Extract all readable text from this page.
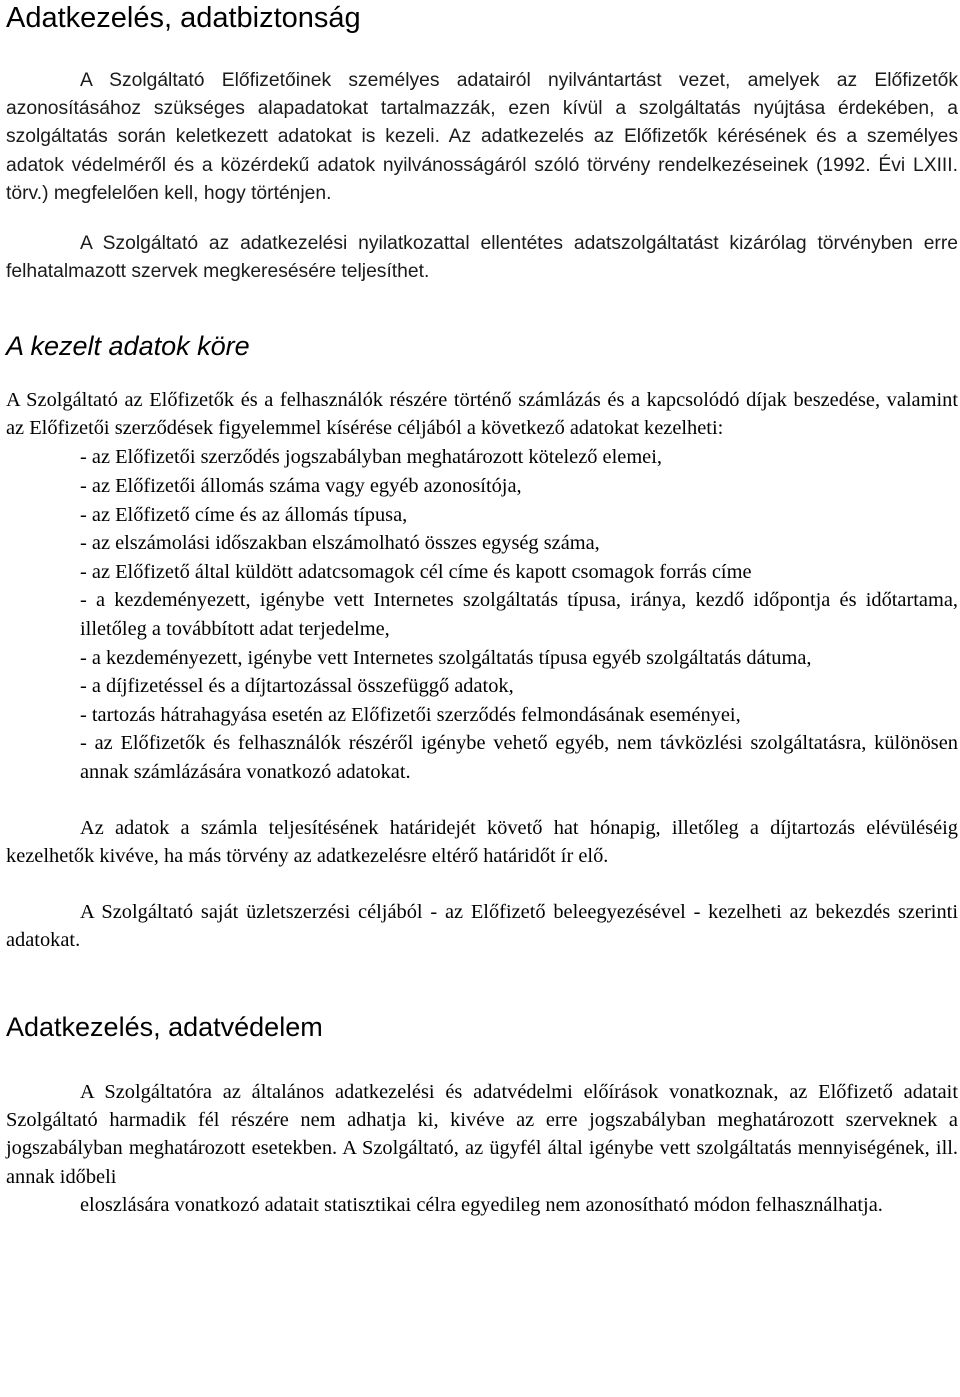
Adatkezelés, adatbiztonság

A Szolgáltató Előfizetőinek személyes adatairól nyilvántartást vezet, amelyek az Előfizetők azonosításához szükséges alapadatokat tartalmazzák, ezen kívül a szolgáltatás nyújtása érdekében, a szolgáltatás során keletkezett adatokat is kezeli. Az adatkezelés az Előfizetők kérésének és a személyes adatok védelméről és a közérdekű adatok nyilvánosságáról szóló törvény rendelkezéseinek (1992. Évi LXIII. törv.) megfelelően kell, hogy történjen.

A Szolgáltató az adatkezelési nyilatkozattal ellentétes adatszolgáltatást kizárólag törvényben erre felhatalmazott szervek megkeresésére teljesíthet.

A kezelt adatok köre

A Szolgáltató az Előfizetők és a felhasználók részére történő számlázás és a kapcsolódó díjak beszedése, valamint az Előfizetői szerződések figyelemmel kísérése céljából a következő adatokat kezelheti:

- az Előfizetői szerződés jogszabályban meghatározott kötelező elemei,
- az Előfizetői állomás száma vagy egyéb azonosítója,
- az Előfizető címe és az állomás típusa,
- az elszámolási időszakban elszámolható összes egység száma,
- az Előfizető által küldött adatcsomagok cél címe és kapott csomagok forrás címe
- a kezdeményezett, igénybe vett Internetes szolgáltatás típusa, iránya, kezdő időpontja és időtartama, illetőleg a továbbított adat terjedelme,
- a kezdeményezett, igénybe vett Internetes szolgáltatás típusa egyéb szolgáltatás dátuma,
- a díjfizetéssel és a díjtartozással összefüggő adatok,
- tartozás hátrahagyása esetén az Előfizetői szerződés felmondásának eseményei,
- az Előfizetők és felhasználók részéről igénybe vehető egyéb, nem távközlési szolgáltatásra, különösen annak számlázására vonatkozó adatokat.

Az adatok a számla teljesítésének határidejét követő hat hónapig, illetőleg a díjtartozás elévüléséig kezelhetők kivéve, ha más törvény az adatkezelésre eltérő határidőt ír elő.

A Szolgáltató saját üzletszerzési céljából - az Előfizető beleegyezésével - kezelheti az bekezdés szerinti adatokat.

Adatkezelés, adatvédelem

A Szolgáltatóra az általános adatkezelési és adatvédelmi előírások vonatkoznak, az Előfizető adatait Szolgáltató harmadik fél részére nem adhatja ki, kivéve az erre jogszabályban meghatározott szerveknek a jogszabályban meghatározott esetekben. A Szolgáltató, az ügyfél által igénybe vett szolgáltatás mennyiségének, ill. annak időbeli

eloszlására vonatkozó adatait statisztikai célra egyedileg nem azonosítható módon felhasználhatja.
